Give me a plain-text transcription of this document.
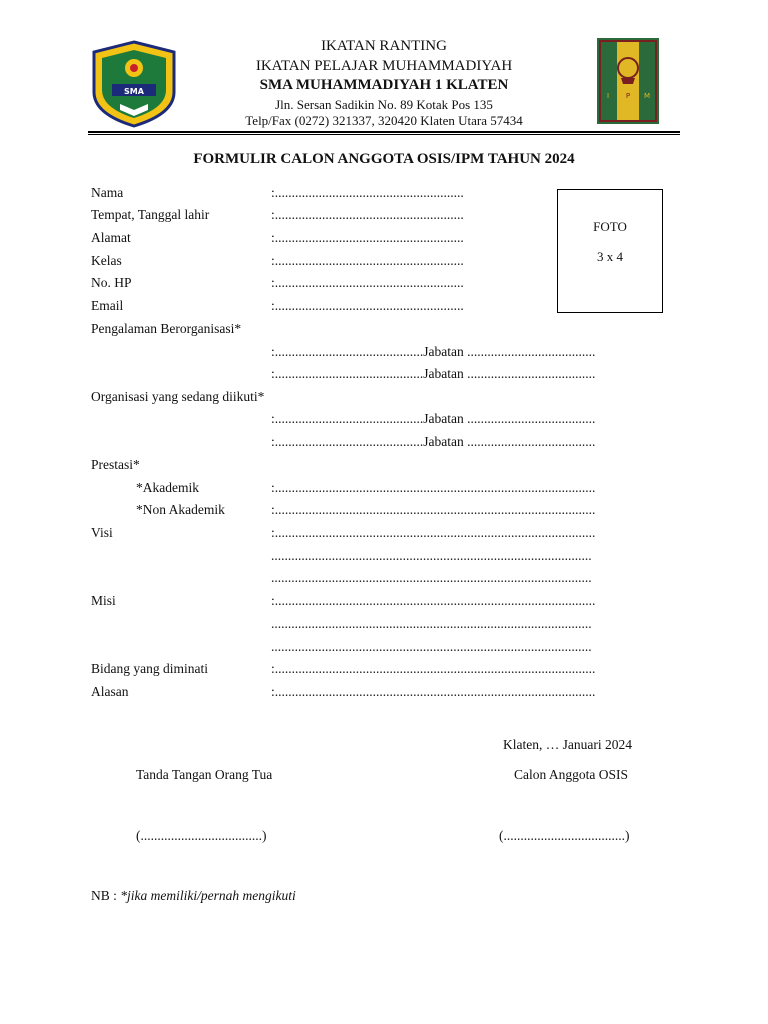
SMA	I P M
IKATAN RANTING
IKATAN PELAJAR MUHAMMADIYAH
SMA MUHAMMADIYAH 1 KLATEN
Jln. Sersan Sadikin No. 89 Kotak Pos 135
Telp/Fax (0272) 321337, 320420 Klaten Utara 57434
FORMULIR CALON ANGGOTA OSIS/IPM TAHUN 2024
Nama	:........................................................
Tempat, Tanggal lahir	:........................................................
Alamat	:........................................................
Kelas	:........................................................
No. HP	:........................................................
Email	:........................................................
FOTO
3 x 4
Pengalaman Berorganisasi*
:............................................Jabatan ......................................
:............................................Jabatan ......................................
Organisasi yang sedang diikuti*
:............................................Jabatan ......................................
:............................................Jabatan ......................................
Prestasi*
*Akademik	:...............................................................................................
*Non Akademik	:...............................................................................................
Visi	:...............................................................................................
...............................................................................................
...............................................................................................
Misi	:...............................................................................................
...............................................................................................
...............................................................................................
Bidang yang diminati	:...............................................................................................
Alasan	:...............................................................................................
Klaten, … Januari 2024
Tanda Tangan Orang Tua	Calon Anggota OSIS
(....................................)	(....................................)
NB : *jika memiliki/pernah mengikuti
